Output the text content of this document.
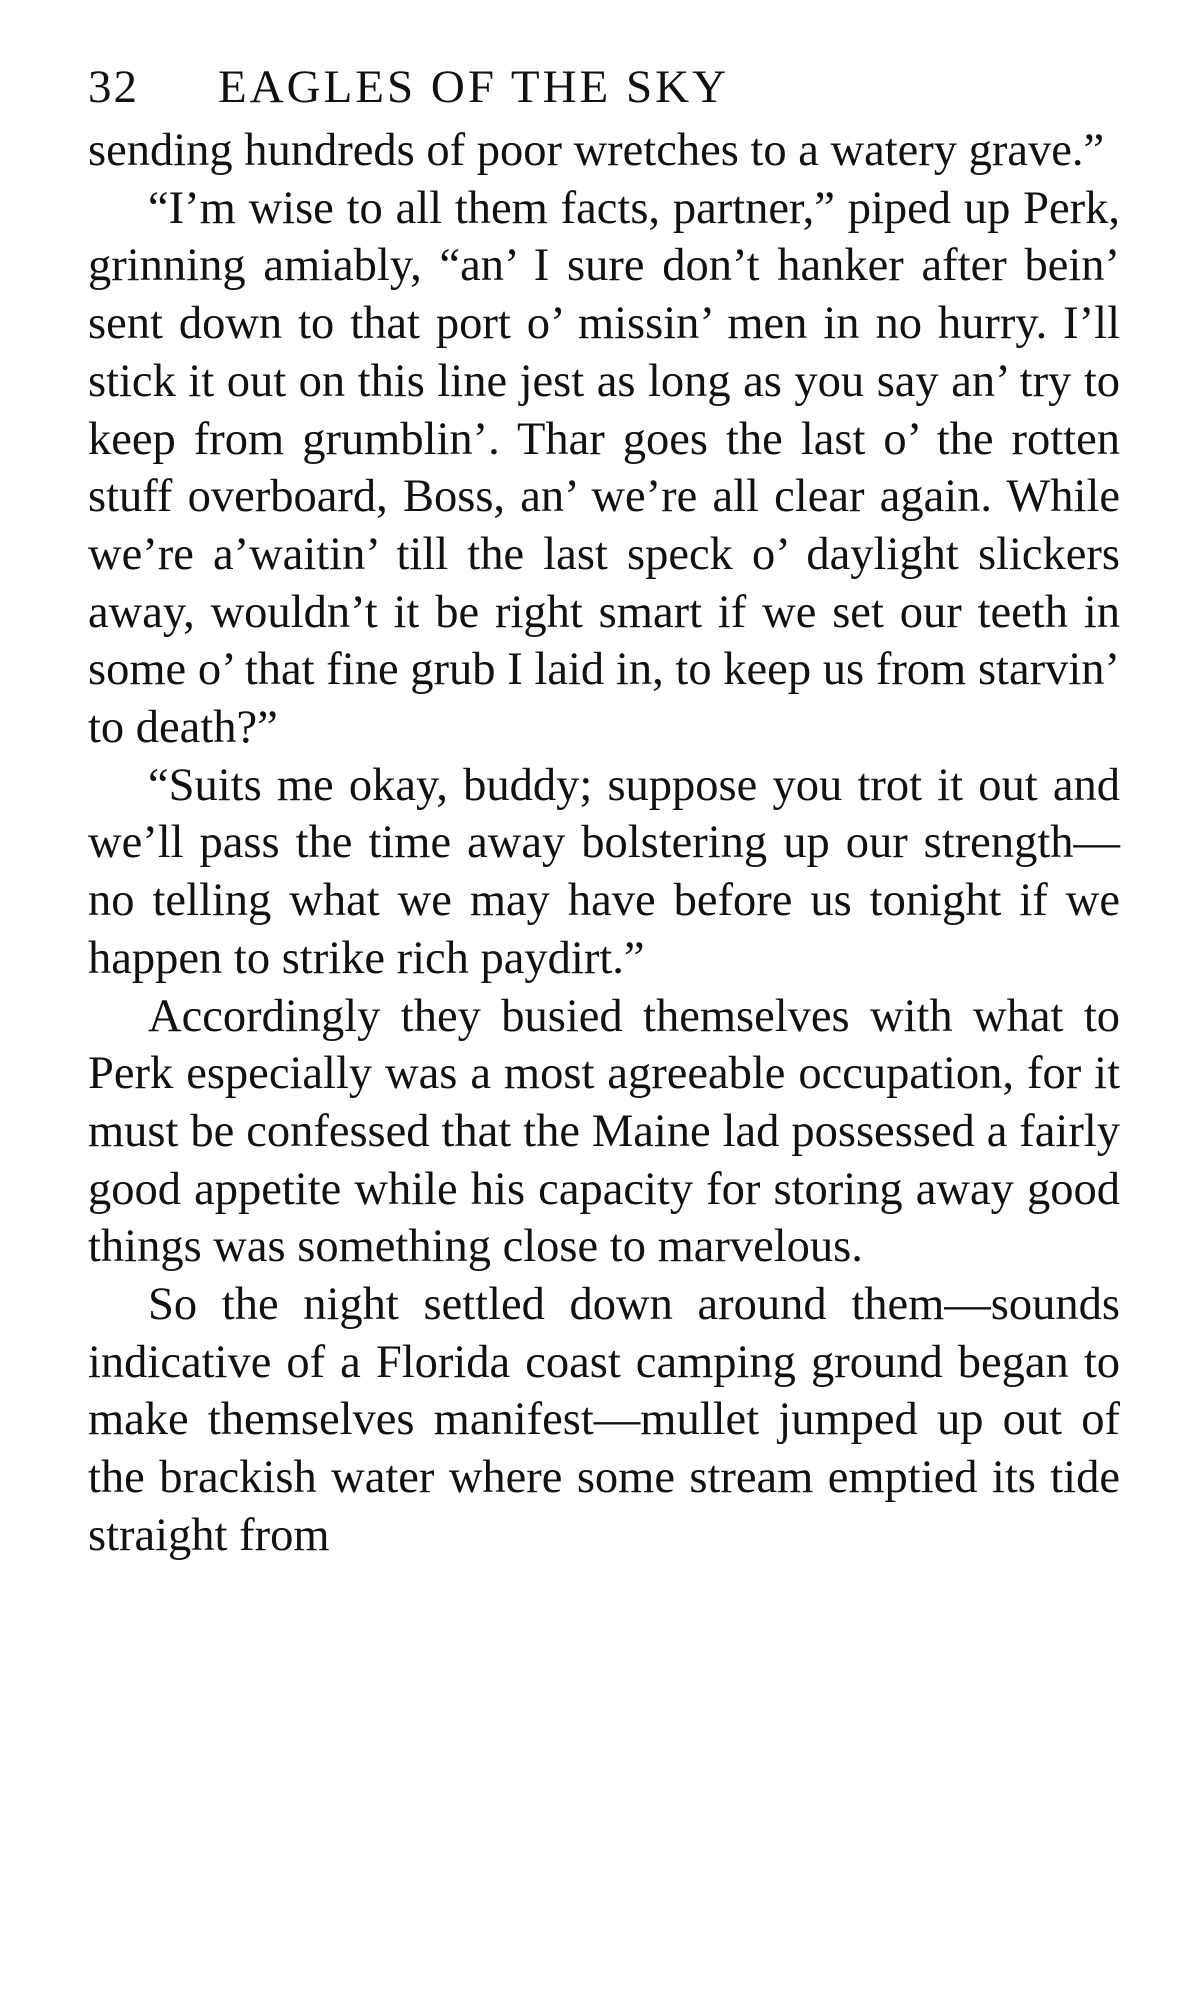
32	EAGLES OF THE SKY

sending hundreds of poor wretches to a watery grave.”

“I’m wise to all them facts, partner,” piped up Perk, grinning amiably, “an’ I sure don’t hanker after bein’ sent down to that port o’ missin’ men in no hurry. I’ll stick it out on this line jest as long as you say an’ try to keep from grumblin’. Thar goes the last o’ the rotten stuff overboard, Boss, an’ we’re all clear again. While we’re a’waitin’ till the last speck o’ daylight slickers away, wouldn’t it be right smart if we set our teeth in some o’ that fine grub I laid in, to keep us from starvin’ to death?”

“Suits me okay, buddy; suppose you trot it out and we’ll pass the time away bolstering up our strength—no telling what we may have before us tonight if we happen to strike rich paydirt.”

Accordingly they busied themselves with what to Perk especially was a most agreeable occupation, for it must be confessed that the Maine lad possessed a fairly good appetite while his capacity for storing away good things was something close to marvelous.

So the night settled down around them—sounds indicative of a Florida coast camping ground began to make themselves manifest—mullet jumped up out of the brackish water where some stream emptied its tide straight from
